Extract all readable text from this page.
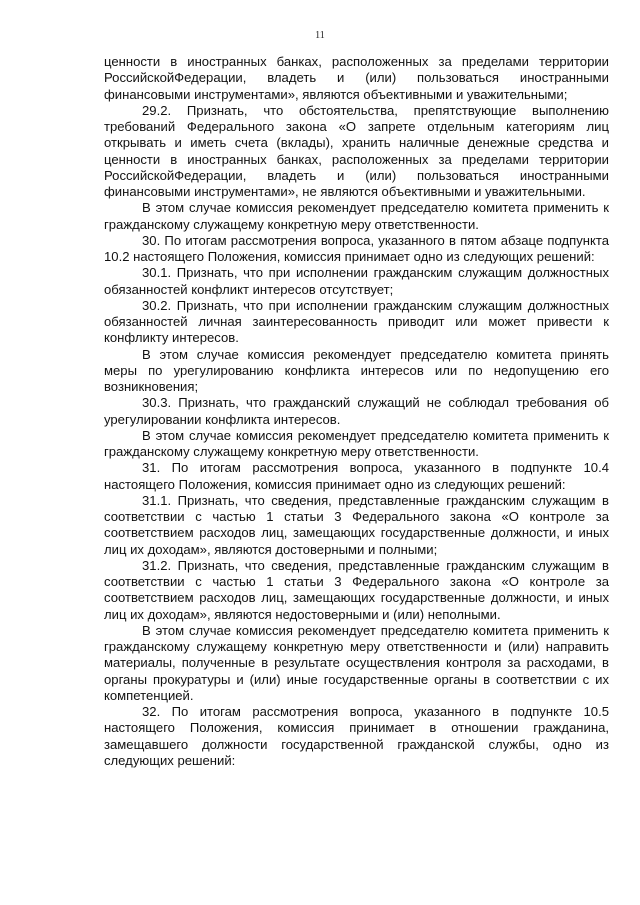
11

ценности в иностранных банках, расположенных за пределами территории РоссийскойФедерации, владеть и (или) пользоваться иностранными финансовыми инструментами», являются объективными и уважительными;

29.2. Признать, что обстоятельства, препятствующие выполнению требований Федерального закона «О запрете отдельным категориям лиц открывать и иметь счета (вклады), хранить наличные денежные средства и ценности в иностранных банках, расположенных за пределами территории РоссийскойФедерации, владеть и (или) пользоваться иностранными финансовыми инструментами», не являются объективными и уважительными.

В этом случае комиссия рекомендует председателю комитета применить к гражданскому служащему конкретную меру ответственности.

30. По итогам рассмотрения вопроса, указанного в пятом абзаце подпункта 10.2 настоящего Положения, комиссия принимает одно из следующих решений:

30.1. Признать, что при исполнении гражданским служащим должностных обязанностей конфликт интересов отсутствует;

30.2. Признать, что при исполнении гражданским служащим должностных обязанностей личная заинтересованность приводит или может привести к конфликту интересов.

В этом случае комиссия рекомендует председателю комитета принять меры по урегулированию конфликта интересов или по недопущению его возникновения;

30.3. Признать, что гражданский служащий не соблюдал требования об урегулировании конфликта интересов.

В этом случае комиссия рекомендует председателю комитета применить к гражданскому служащему конкретную меру ответственности.

31. По итогам рассмотрения вопроса, указанного в подпункте 10.4 настоящего Положения, комиссия принимает одно из следующих решений:

31.1. Признать, что сведения, представленные гражданским служащим в соответствии с частью 1 статьи 3 Федерального закона «О контроле за соответствием расходов лиц, замещающих государственные должности, и иных лиц их доходам», являются достоверными и полными;

31.2. Признать, что сведения, представленные гражданским служащим в соответствии с частью 1 статьи 3 Федерального закона «О контроле за соответствием расходов лиц, замещающих государственные должности, и иных лиц их доходам», являются недостоверными и (или) неполными.

В этом случае комиссия рекомендует председателю комитета применить к гражданскому служащему конкретную меру ответственности и (или) направить материалы, полученные в результате осуществления контроля за расходами, в органы прокуратуры и (или) иные государственные органы в соответствии с их компетенцией.

32. По итогам рассмотрения вопроса, указанного в подпункте 10.5 настоящего Положения, комиссия принимает в отношении гражданина, замещавшего должности государственной гражданской службы, одно из следующих решений:
